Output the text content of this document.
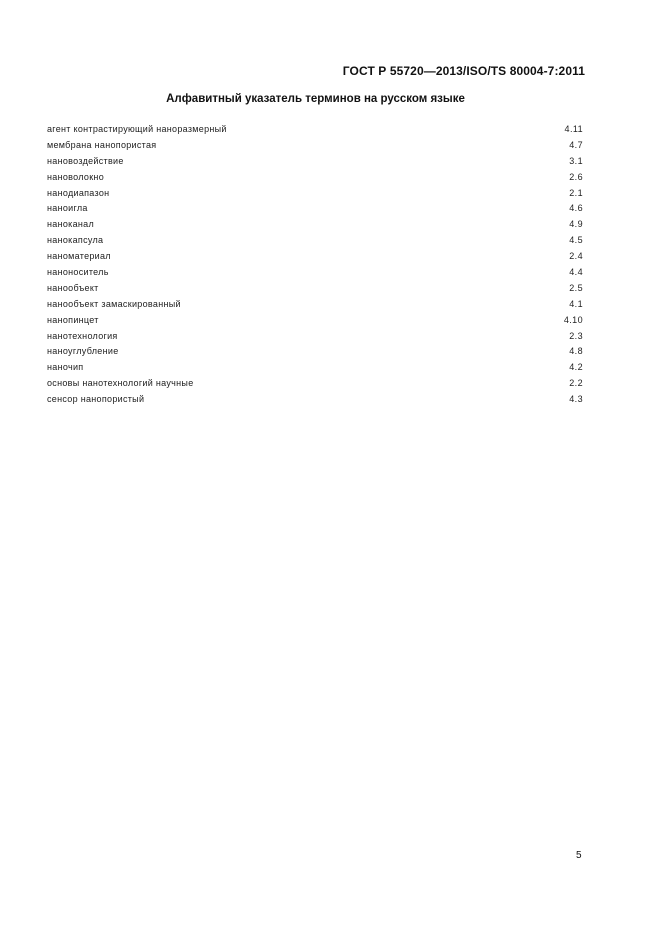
ГОСТ Р 55720—2013/ISO/TS 80004-7:2011
Алфавитный указатель терминов на русском языке
агент контрастирующий наноразмерный	4.11
мембрана нанопористая	4.7
нановоздействие	3.1
нановолокно	2.6
нанодиапазон	2.1
наноигла	4.6
наноканал	4.9
нанокапсула	4.5
наноматериал	2.4
наноноситель	4.4
нанообъект	2.5
нанообъект замаскированный	4.1
нанопинцет	4.10
нанотехнология	2.3
наноуглубление	4.8
наночип	4.2
основы нанотехнологий научные	2.2
сенсор нанопористый	4.3
5
